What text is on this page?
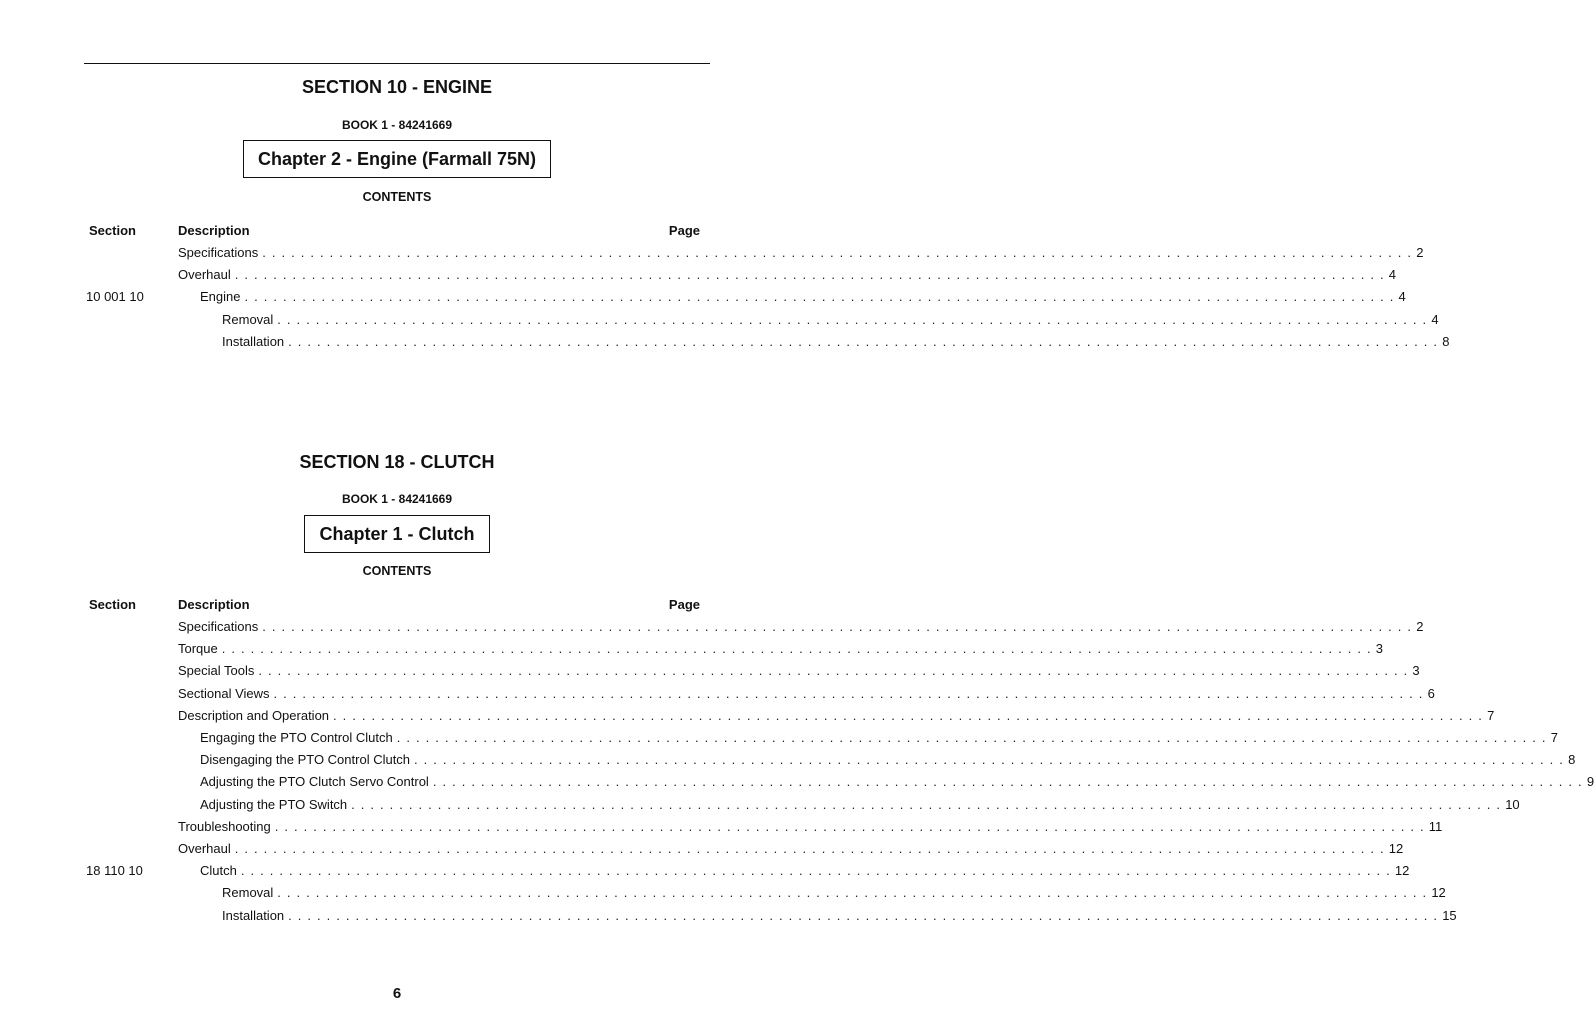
SECTION 10 - ENGINE
BOOK 1 - 84241669
Chapter 2 - Engine (Farmall 75N)
CONTENTS
Section	Description	Page
Specifications . . . . . . . . . . . . . . . . . . . . . . . . . . . . . . . . . . . . . . . . . . . . . . . . . . . . . . . . . . . . . . . . . . . . . . . . . . . . . . . . . . . . . . . . . . . . . . . . . . . . . . . . . . . . . . . . . . . . . . . . 2
Overhaul . . . . . . . . . . . . . . . . . . . . . . . . . . . . . . . . . . . . . . . . . . . . . . . . . . . . . . . . . . . . . . . . . . . . . . . . . . . . . . . . . . . . . . . . . . . . . . . . . . . . . . . . . . . . . . . . . . . . . . . . 4
10 001 10	Engine . . . . . . . . . . . . . . . . . . . . . . . . . . . . . . . . . . . . . . . . . . . . . . . . . . . . . . . . . . . . . . . . . . . . . . . . . . . . . . . . . . . . . . . . . . . . . . . . . . . . . . . . . . . . . . . . . . . . . . . . 4
Removal . . . . . . . . . . . . . . . . . . . . . . . . . . . . . . . . . . . . . . . . . . . . . . . . . . . . . . . . . . . . . . . . . . . . . . . . . . . . . . . . . . . . . . . . . . . . . . . . . . . . . . . . . . . . . . . . . . . . . . . . 4
Installation . . . . . . . . . . . . . . . . . . . . . . . . . . . . . . . . . . . . . . . . . . . . . . . . . . . . . . . . . . . . . . . . . . . . . . . . . . . . . . . . . . . . . . . . . . . . . . . . . . . . . . . . . . . . . . . . . . . . . . . . 8
SECTION 18 - CLUTCH
BOOK 1 - 84241669
Chapter 1 - Clutch
CONTENTS
Section	Description	Page
Specifications . . . . . . . . . . . . . . . . . . . . . . . . . . . . . . . . . . . . . . . . . . . . . . . . . . . . . . . . . . . . . . . . . . . . . . . . . . . . . . . . . . . . . . . . . . . . . . . . . . . . . . . . . . . . . . . . . . . . . . . . 2
Torque . . . . . . . . . . . . . . . . . . . . . . . . . . . . . . . . . . . . . . . . . . . . . . . . . . . . . . . . . . . . . . . . . . . . . . . . . . . . . . . . . . . . . . . . . . . . . . . . . . . . . . . . . . . . . . . . . . . . . . . . 3
Special Tools . . . . . . . . . . . . . . . . . . . . . . . . . . . . . . . . . . . . . . . . . . . . . . . . . . . . . . . . . . . . . . . . . . . . . . . . . . . . . . . . . . . . . . . . . . . . . . . . . . . . . . . . . . . . . . . . . . . . . . . . 3
Sectional Views . . . . . . . . . . . . . . . . . . . . . . . . . . . . . . . . . . . . . . . . . . . . . . . . . . . . . . . . . . . . . . . . . . . . . . . . . . . . . . . . . . . . . . . . . . . . . . . . . . . . . . . . . . . . . . . . . . . . . . . . 6
Description and Operation . . . . . . . . . . . . . . . . . . . . . . . . . . . . . . . . . . . . . . . . . . . . . . . . . . . . . . . . . . . . . . . . . . . . . . . . . . . . . . . . . . . . . . . . . . . . . . . . . . . . . . . . . . . . . . . . . . . . . . . . 7
Engaging the PTO Control Clutch . . . . . . . . . . . . . . . . . . . . . . . . . . . . . . . . . . . . . . . . . . . . . . . . . . . . . . . . . . . . . . . . . . . . . . . . . . . . . . . . . . . . . . . . . . . . . . . . . . . . . . . . . . . . . . . . . . . . . . . . 7
Disengaging the PTO Control Clutch . . . . . . . . . . . . . . . . . . . . . . . . . . . . . . . . . . . . . . . . . . . . . . . . . . . . . . . . . . . . . . . . . . . . . . . . . . . . . . . . . . . . . . . . . . . . . . . . . . . . . . . . . . . . . . . . . . . . . . . . 8
Adjusting the PTO Clutch Servo Control . . . . . . . . . . . . . . . . . . . . . . . . . . . . . . . . . . . . . . . . . . . . . . . . . . . . . . . . . . . . . . . . . . . . . . . . . . . . . . . . . . . . . . . . . . . . . . . . . . . . . . . . . . . . . . . . . . . . . . . . 9
Adjusting the PTO Switch . . . . . . . . . . . . . . . . . . . . . . . . . . . . . . . . . . . . . . . . . . . . . . . . . . . . . . . . . . . . . . . . . . . . . . . . . . . . . . . . . . . . . . . . . . . . . . . . . . . . . . . . . . . . . . . . . . . . . . . . 10
Troubleshooting . . . . . . . . . . . . . . . . . . . . . . . . . . . . . . . . . . . . . . . . . . . . . . . . . . . . . . . . . . . . . . . . . . . . . . . . . . . . . . . . . . . . . . . . . . . . . . . . . . . . . . . . . . . . . . . . . . . . . . . . 11
Overhaul . . . . . . . . . . . . . . . . . . . . . . . . . . . . . . . . . . . . . . . . . . . . . . . . . . . . . . . . . . . . . . . . . . . . . . . . . . . . . . . . . . . . . . . . . . . . . . . . . . . . . . . . . . . . . . . . . . . . . . . . 12
18 110 10	Clutch . . . . . . . . . . . . . . . . . . . . . . . . . . . . . . . . . . . . . . . . . . . . . . . . . . . . . . . . . . . . . . . . . . . . . . . . . . . . . . . . . . . . . . . . . . . . . . . . . . . . . . . . . . . . . . . . . . . . . . . . 12
Removal . . . . . . . . . . . . . . . . . . . . . . . . . . . . . . . . . . . . . . . . . . . . . . . . . . . . . . . . . . . . . . . . . . . . . . . . . . . . . . . . . . . . . . . . . . . . . . . . . . . . . . . . . . . . . . . . . . . . . . . . 12
Installation . . . . . . . . . . . . . . . . . . . . . . . . . . . . . . . . . . . . . . . . . . . . . . . . . . . . . . . . . . . . . . . . . . . . . . . . . . . . . . . . . . . . . . . . . . . . . . . . . . . . . . . . . . . . . . . . . . . . . . . . 15
6
